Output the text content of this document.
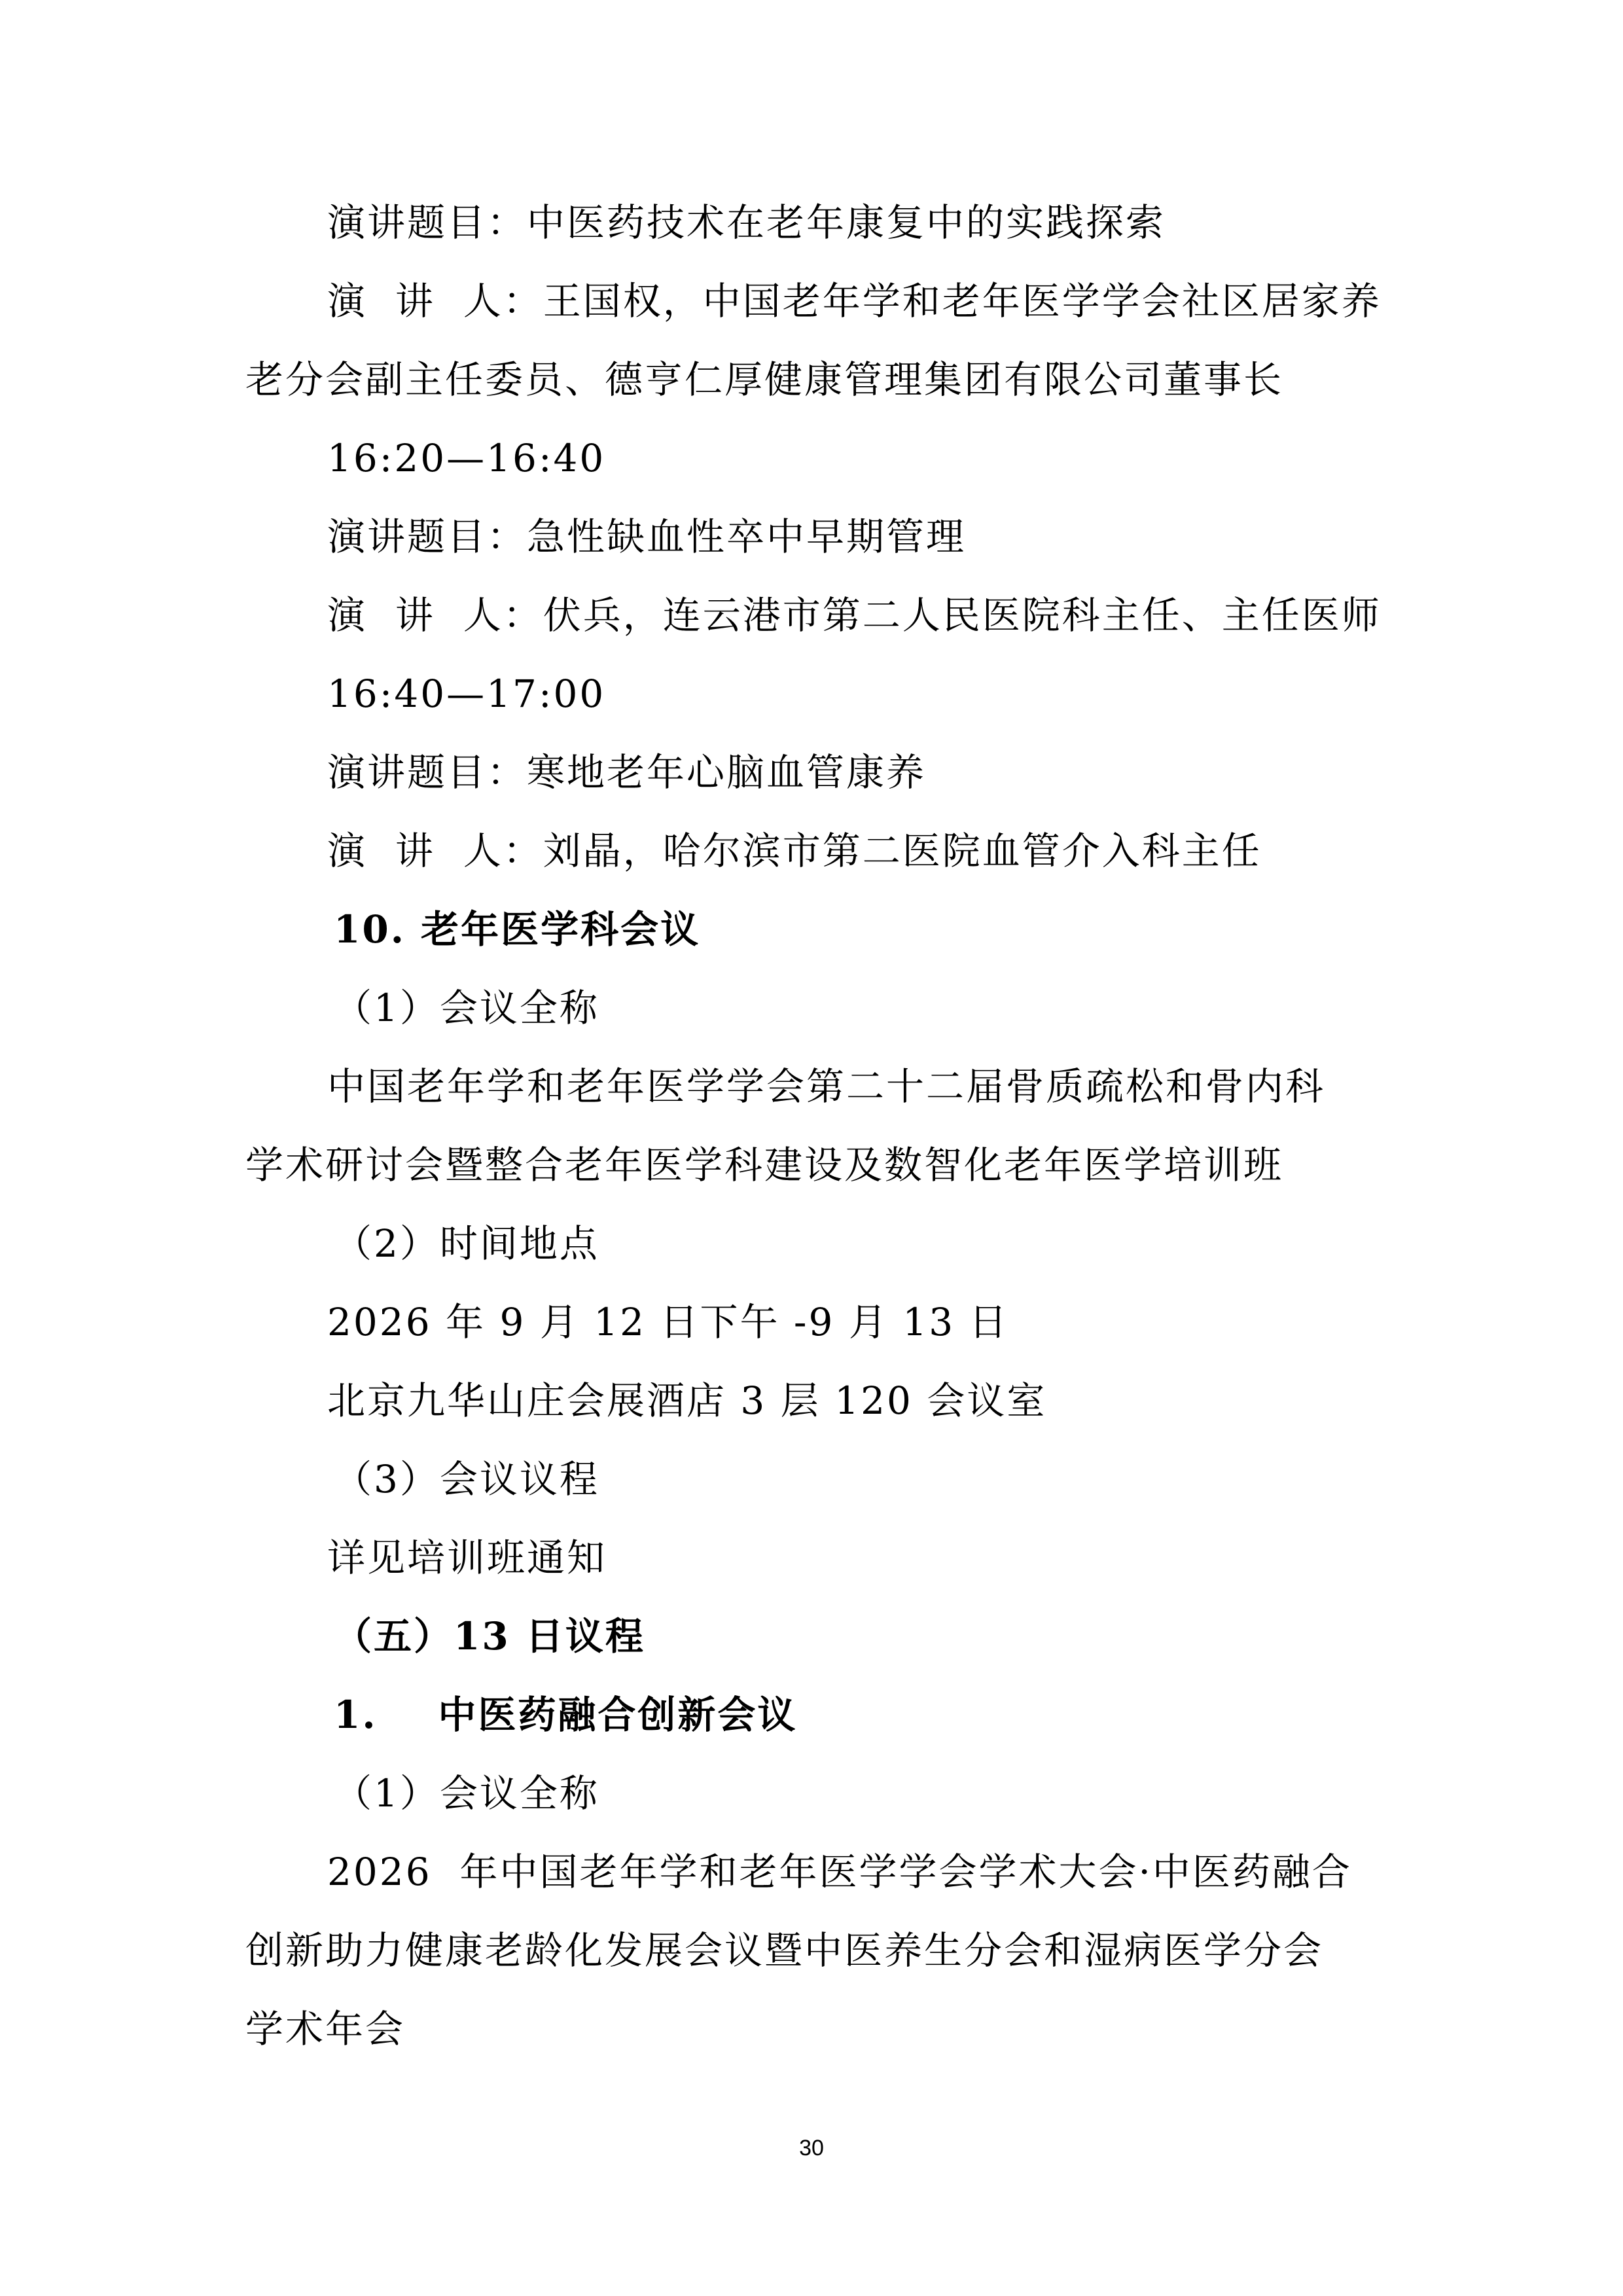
演讲题目：中医药技术在老年康复中的实践探索
演  讲  人：王国权，中国老年学和老年医学学会社区居家养
老分会副主任委员、德亨仁厚健康管理集团有限公司董事长
16:20—16:40
演讲题目：急性缺血性卒中早期管理
演  讲  人：伏兵，连云港市第二人民医院科主任、主任医师
16:40—17:00
演讲题目：寒地老年心脑血管康养
演  讲  人：刘晶，哈尔滨市第二医院血管介入科主任
10. 老年医学科会议
（1）会议全称
中国老年学和老年医学学会第二十二届骨质疏松和骨内科
学术研讨会暨整合老年医学科建设及数智化老年医学培训班
（2）时间地点
2026 年 9 月 12 日下午 -9 月 13 日
北京九华山庄会展酒店 3 层 120 会议室
（3）会议议程
详见培训班通知
（五）13 日议程
1.    中医药融合创新会议
（1）会议全称
2026  年中国老年学和老年医学学会学术大会·中医药融合
创新助力健康老龄化发展会议暨中医养生分会和湿病医学分会
学术年会
30
